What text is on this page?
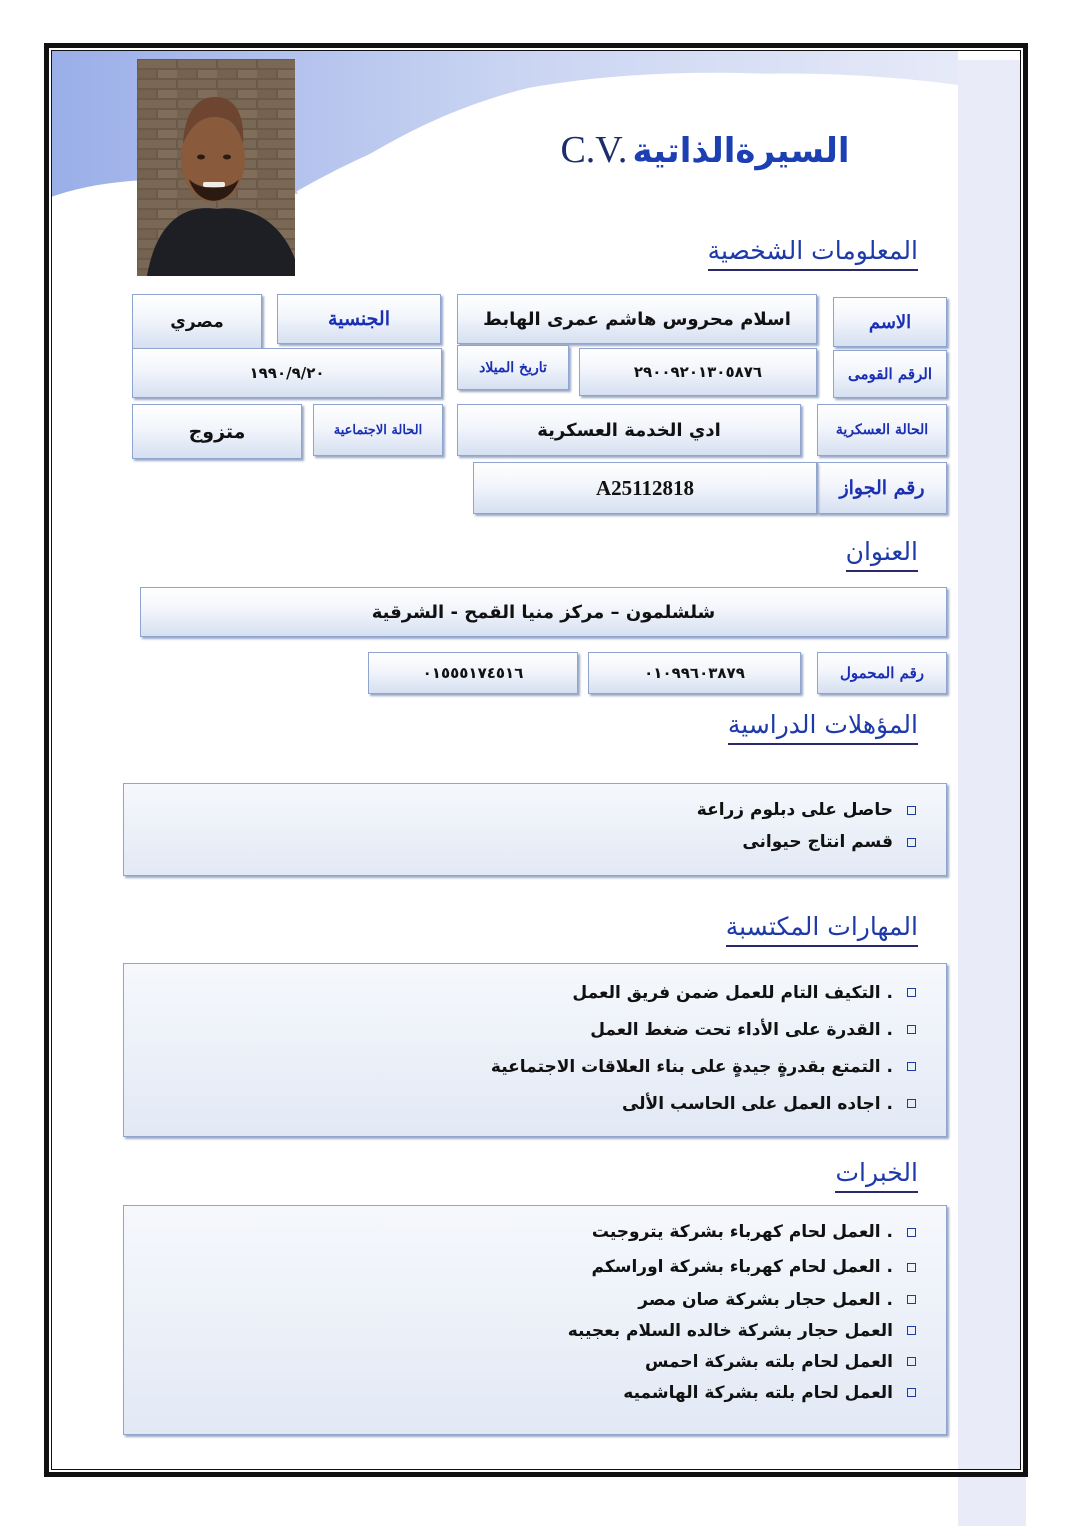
C.V. السيرةالذاتية
المعلومات الشخصية
الاسم
اسلام محروس هاشم عمرى الهابط
الجنسية
مصري
الرقم القومى
٢٩٠٠٩٢٠١٣٠٥٨٧٦
تاريخ الميلاد
١٩٩٠/٩/٢٠
الحالة العسكرية
ادي الخدمة العسكرية
الحالة الاجتماعية
متزوج
رقم الجواز
A25112818
العنوان
شلشلمون – مركز منيا القمح - الشرقية
رقم المحمول
٠١٠٩٩٦٠٣٨٧٩
٠١٥٥٥١٧٤٥١٦
المؤهلات الدراسية
حاصل على دبلوم زراعة
قسم انتاج حيوانى
المهارات المكتسبة
. التكيف التام للعمل ضمن فريق العمل
. القدرة على الأداء تحت ضغط العمل
. التمتع بقدرةٍ جيدةٍ على بناء العلاقات الاجتماعية
. اجاده العمل على الحاسب الألى
الخبرات
. العمل لحام كهرباء بشركة يتروجيت
. العمل لحام كهرباء بشركة اوراسكم
. العمل حجار بشركة صان مصر
العمل حجار بشركة خالده السلام بعجيبه
العمل لحام بلته بشركة احمس
العمل لحام بلته بشركة الهاشميه
